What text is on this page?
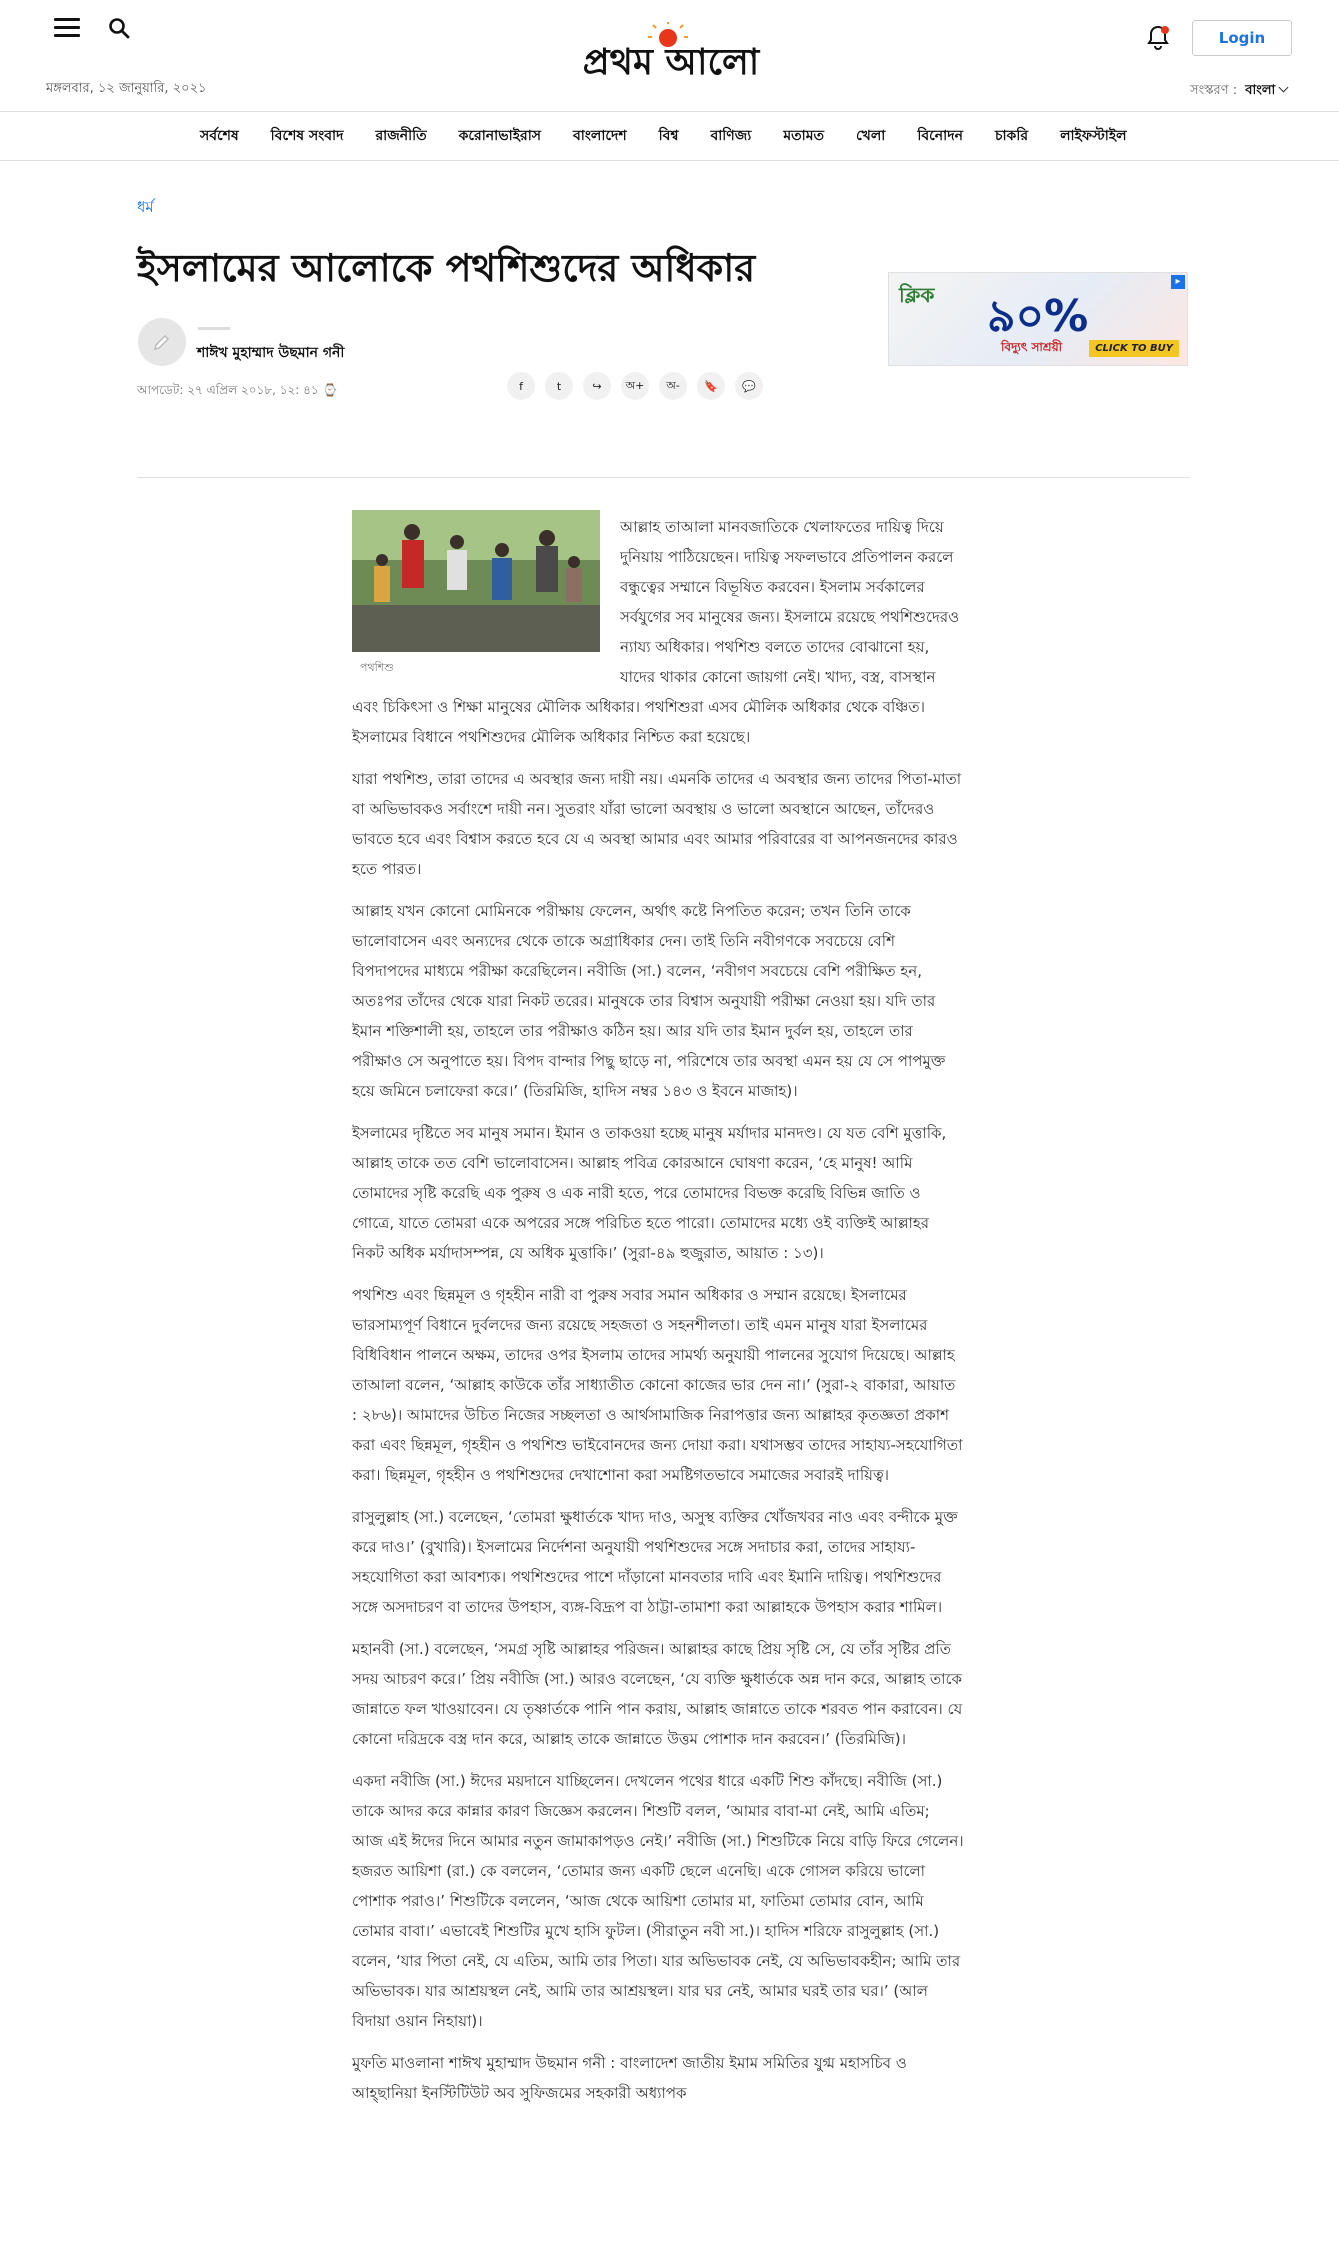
মঙ্গলবার, ১২ জানুয়ারি, ২০২১
প্রথম আলো
Login
সংস্করণ : বাংলা
সর্বশেষ বিশেষ সংবাদ রাজনীতি করোনাভাইরাস বাংলাদেশ বিশ্ব বাণিজ্য মতামত খেলা বিনোদন চাকরি লাইফস্টাইল
ধর্ম
ইসলামের আলোকে পথশিশুদের অধিকার
শাঈখ মুহাম্মাদ উছমান গনী
আপডেট: ২৭ এপ্রিল ২০১৮, ১২: ৪১ ⌚	f	t	↪	অ+	অ-	🔖	💬
▸
ক্লিক ৯০%
বিদ্যুৎ সাশ্রয়ী	CLICK TO BUY
পথশিশু

আল্লাহ তাআলা মানবজাতিকে খেলাফতের দায়িত্ব দিয়ে দুনিয়ায় পাঠিয়েছেন। দায়িত্ব সফলভাবে প্রতিপালন করলে বন্ধুত্বের সম্মানে বিভূষিত করবেন। ইসলাম সর্বকালের সর্বযুগের সব মানুষের জন্য। ইসলামে রয়েছে পথশিশুদেরও ন্যায্য অধিকার। পথশিশু বলতে তাদের বোঝানো হয়, যাদের থাকার কোনো জায়গা নেই। খাদ্য, বস্ত্র, বাসস্থান এবং চিকিৎসা ও শিক্ষা মানুষের মৌলিক অধিকার। পথশিশুরা এসব মৌলিক অধিকার থেকে বঞ্চিত। ইসলামের বিধানে পথশিশুদের মৌলিক অধিকার নিশ্চিত করা হয়েছে।

যারা পথশিশু, তারা তাদের এ অবস্থার জন্য দায়ী নয়। এমনকি তাদের এ অবস্থার জন্য তাদের পিতা-মাতা বা অভিভাবকও সর্বাংশে দায়ী নন। সুতরাং যাঁরা ভালো অবস্থায় ও ভালো অবস্থানে আছেন, তাঁদেরও ভাবতে হবে এবং বিশ্বাস করতে হবে যে এ অবস্থা আমার এবং আমার পরিবারের বা আপনজনদের কারও হতে পারত।

আল্লাহ যখন কোনো মোমিনকে পরীক্ষায় ফেলেন, অর্থাৎ কষ্টে নিপতিত করেন; তখন তিনি তাকে ভালোবাসেন এবং অন্যদের থেকে তাকে অগ্রাধিকার দেন। তাই তিনি নবীগণকে সবচেয়ে বেশি বিপদাপদের মাধ্যমে পরীক্ষা করেছিলেন। নবীজি (সা.) বলেন, ‘নবীগণ সবচেয়ে বেশি পরীক্ষিত হন, অতঃপর তাঁদের থেকে যারা নিকট তরের। মানুষকে তার বিশ্বাস অনুযায়ী পরীক্ষা নেওয়া হয়। যদি তার ইমান শক্তিশালী হয়, তাহলে তার পরীক্ষাও কঠিন হয়। আর যদি তার ইমান দুর্বল হয়, তাহলে তার পরীক্ষাও সে অনুপাতে হয়। বিপদ বান্দার পিছু ছাড়ে না, পরিশেষে তার অবস্থা এমন হয় যে সে পাপমুক্ত হয়ে জমিনে চলাফেরা করে।’ (তিরমিজি, হাদিস নম্বর ১৪৩ ও ইবনে মাজাহ)।

ইসলামের দৃষ্টিতে সব মানুষ সমান। ইমান ও তাকওয়া হচ্ছে মানুষ মর্যাদার মানদণ্ড। যে যত বেশি মুত্তাকি, আল্লাহ তাকে তত বেশি ভালোবাসেন। আল্লাহ পবিত্র কোরআনে ঘোষণা করেন, ‘হে মানুষ! আমি তোমাদের সৃষ্টি করেছি এক পুরুষ ও এক নারী হতে, পরে তোমাদের বিভক্ত করেছি বিভিন্ন জাতি ও গোত্রে, যাতে তোমরা একে অপরের সঙ্গে পরিচিত হতে পারো। তোমাদের মধ্যে ওই ব্যক্তিই আল্লাহর নিকট অধিক মর্যাদাসম্পন্ন, যে অধিক মুত্তাকি।’ (সুরা-৪৯ হুজুরাত, আয়াত : ১৩)।

পথশিশু এবং ছিন্নমূল ও গৃহহীন নারী বা পুরুষ সবার সমান অধিকার ও সম্মান রয়েছে। ইসলামের ভারসাম্যপূর্ণ বিধানে দুর্বলদের জন্য রয়েছে সহজতা ও সহনশীলতা। তাই এমন মানুষ যারা ইসলামের বিধিবিধান পালনে অক্ষম, তাদের ওপর ইসলাম তাদের সামর্থ্য অনুযায়ী পালনের সুযোগ দিয়েছে। আল্লাহ তাআলা বলেন, ‘আল্লাহ কাউকে তাঁর সাধ্যাতীত কোনো কাজের ভার দেন না।’ (সুরা-২ বাকারা, আয়াত : ২৮৬)। আমাদের উচিত নিজের সচ্ছলতা ও আর্থসামাজিক নিরাপত্তার জন্য আল্লাহর কৃতজ্ঞতা প্রকাশ করা এবং ছিন্নমূল, গৃহহীন ও পথশিশু ভাইবোনদের জন্য দোয়া করা। যথাসম্ভব তাদের সাহায্য-সহযোগিতা করা। ছিন্নমূল, গৃহহীন ও পথশিশুদের দেখাশোনা করা সমষ্টিগতভাবে সমাজের সবারই দায়িত্ব।

রাসুলুল্লাহ (সা.) বলেছেন, ‘তোমরা ক্ষুধার্তকে খাদ্য দাও, অসুস্থ ব্যক্তির খোঁজখবর নাও এবং বন্দীকে মুক্ত করে দাও।’ (বুখারি)। ইসলামের নির্দেশনা অনুযায়ী পথশিশুদের সঙ্গে সদাচার করা, তাদের সাহায্য-সহযোগিতা করা আবশ্যক। পথশিশুদের পাশে দাঁড়ানো মানবতার দাবি এবং ইমানি দায়িত্ব। পথশিশুদের সঙ্গে অসদাচরণ বা তাদের উপহাস, ব্যঙ্গ-বিদ্রূপ বা ঠাট্টা-তামাশা করা আল্লাহকে উপহাস করার শামিল।

মহানবী (সা.) বলেছেন, ‘সমগ্র সৃষ্টি আল্লাহর পরিজন। আল্লাহর কাছে প্রিয় সৃষ্টি সে, যে তাঁর সৃষ্টির প্রতি সদয় আচরণ করে।’ প্রিয় নবীজি (সা.) আরও বলেছেন, ‘যে ব্যক্তি ক্ষুধার্তকে অন্ন দান করে, আল্লাহ তাকে জান্নাতে ফল খাওয়াবেন। যে তৃষ্ণার্তকে পানি পান করায়, আল্লাহ জান্নাতে তাকে শরবত পান করাবেন। যে কোনো দরিদ্রকে বস্ত্র দান করে, আল্লাহ তাকে জান্নাতে উত্তম পোশাক দান করবেন।’ (তিরমিজি)।

একদা নবীজি (সা.) ঈদের ময়দানে যাচ্ছিলেন। দেখলেন পথের ধারে একটি শিশু কাঁদছে। নবীজি (সা.) তাকে আদর করে কান্নার কারণ জিজ্ঞেস করলেন। শিশুটি বলল, ‘আমার বাবা-মা নেই, আমি এতিম; আজ এই ঈদের দিনে আমার নতুন জামাকাপড়ও নেই।’ নবীজি (সা.) শিশুটিকে নিয়ে বাড়ি ফিরে গেলেন। হজরত আয়িশা (রা.) কে বললেন, ‘তোমার জন্য একটি ছেলে এনেছি। একে গোসল করিয়ে ভালো পোশাক পরাও।’ শিশুটিকে বললেন, ‘আজ থেকে আয়িশা তোমার মা, ফাতিমা তোমার বোন, আমি তোমার বাবা।’ এভাবেই শিশুটির মুখে হাসি ফুটল। (সীরাতুন নবী সা.)। হাদিস শরিফে রাসুলুল্লাহ (সা.) বলেন, ‘যার পিতা নেই, যে এতিম, আমি তার পিতা। যার অভিভাবক নেই, যে অভিভাবকহীন; আমি তার অভিভাবক। যার আশ্রয়স্থল নেই, আমি তার আশ্রয়স্থল। যার ঘর নেই, আমার ঘরই তার ঘর।’ (আল বিদায়া ওয়ান নিহায়া)।

মুফতি মাওলানা শাঈখ মুহাম্মাদ উছমান গনী : বাংলাদেশ জাতীয় ইমাম সমিতির যুগ্ম মহাসচিব ও আহ্ছানিয়া ইনস্টিটিউট অব সুফিজমের সহকারী অধ্যাপক
